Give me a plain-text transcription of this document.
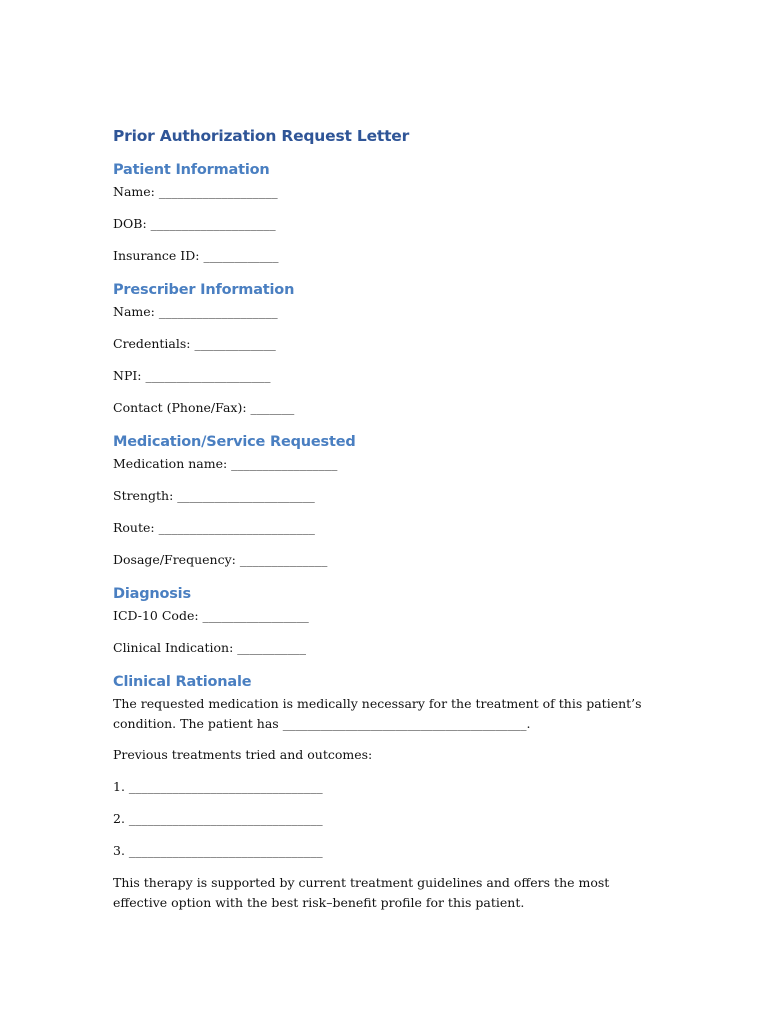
Prior Authorization Request Letter
Patient Information

Name: ___________________

DOB: ____________________

Insurance ID: ____________

Prescriber Information

Name: ___________________

Credentials: _____________

NPI: ____________________

Contact (Phone/Fax): _______

Medication/Service Requested

Medication name: _________________

Strength: ______________________

Route: _________________________

Dosage/Frequency: ______________

Diagnosis

ICD-10 Code: _________________

Clinical Indication: ___________

Clinical Rationale

The requested medication is medically necessary for the treatment of this patient’s condition. The patient has _______________________________________.

Previous treatments tried and outcomes:

1. _______________________________

2. _______________________________

3. _______________________________

This therapy is supported by current treatment guidelines and offers the most effective option with the best risk–benefit profile for this patient.
